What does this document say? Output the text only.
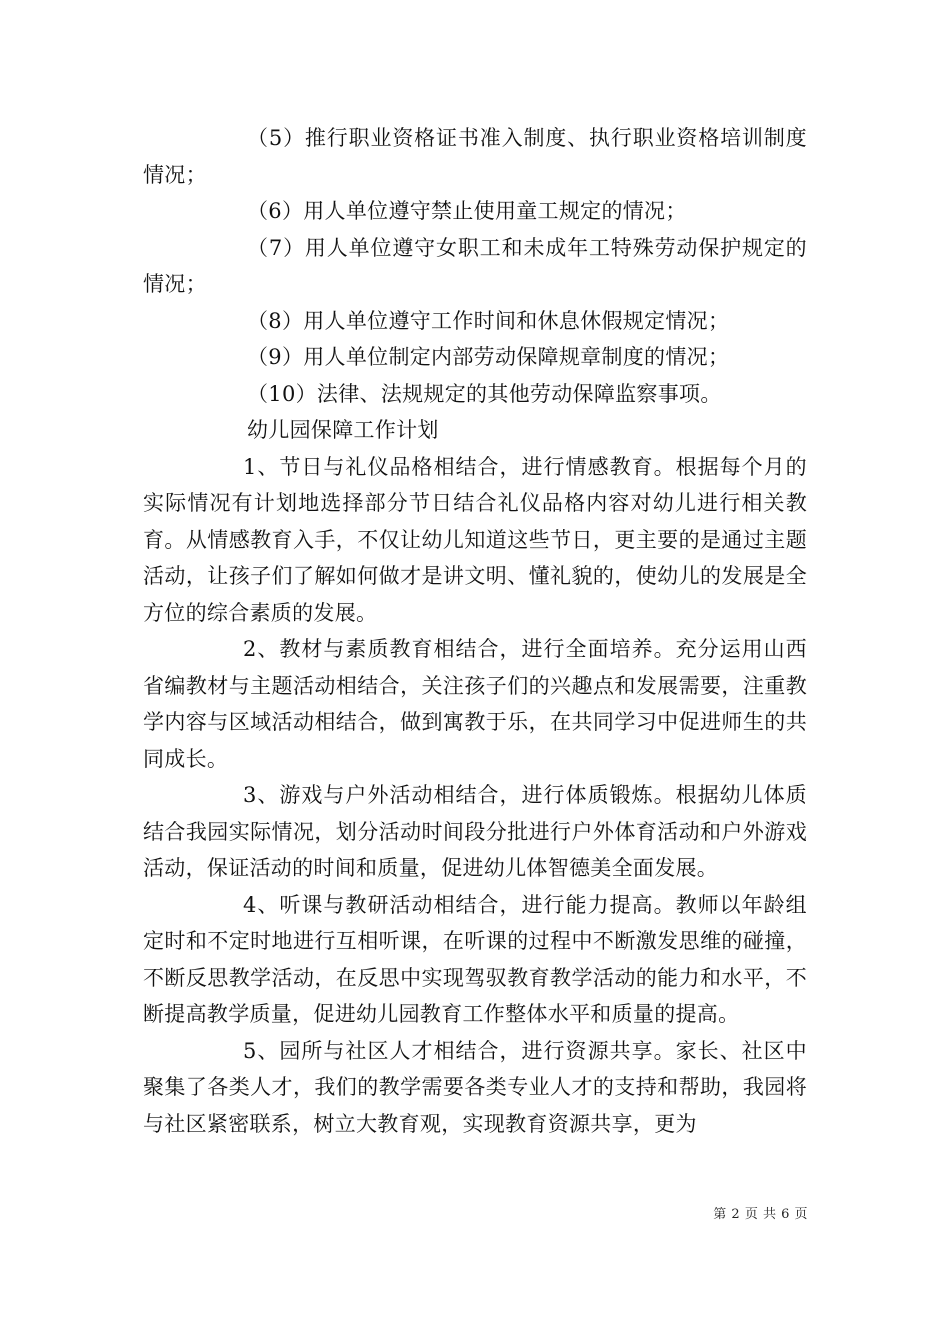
（5）推行职业资格证书准入制度、执行职业资格培训制度情况；

（6）用人单位遵守禁止使用童工规定的情况；

（7）用人单位遵守女职工和未成年工特殊劳动保护规定的情况；

（8）用人单位遵守工作时间和休息休假规定情况；

（9）用人单位制定内部劳动保障规章制度的情况；

（10）法律、法规规定的其他劳动保障监察事项。

幼儿园保障工作计划

1、节日与礼仪品格相结合，进行情感教育。根据每个月的实际情况有计划地选择部分节日结合礼仪品格内容对幼儿进行相关教育。从情感教育入手，不仅让幼儿知道这些节日，更主要的是通过主题活动，让孩子们了解如何做才是讲文明、懂礼貌的，使幼儿的发展是全方位的综合素质的发展。

2、教材与素质教育相结合，进行全面培养。充分运用山西省编教材与主题活动相结合，关注孩子们的兴趣点和发展需要，注重教学内容与区域活动相结合，做到寓教于乐，在共同学习中促进师生的共同成长。

3、游戏与户外活动相结合，进行体质锻炼。根据幼儿体质结合我园实际情况，划分活动时间段分批进行户外体育活动和户外游戏活动，保证活动的时间和质量，促进幼儿体智德美全面发展。

4、听课与教研活动相结合，进行能力提高。教师以年龄组定时和不定时地进行互相听课，在听课的过程中不断激发思维的碰撞，不断反思教学活动，在反思中实现驾驭教育教学活动的能力和水平，不断提高教学质量，促进幼儿园教育工作整体水平和质量的提高。

5、园所与社区人才相结合，进行资源共享。家长、社区中聚集了各类人才，我们的教学需要各类专业人才的支持和帮助，我园将与社区紧密联系，树立大教育观，实现教育资源共享，更为

第 2 页 共 6 页
